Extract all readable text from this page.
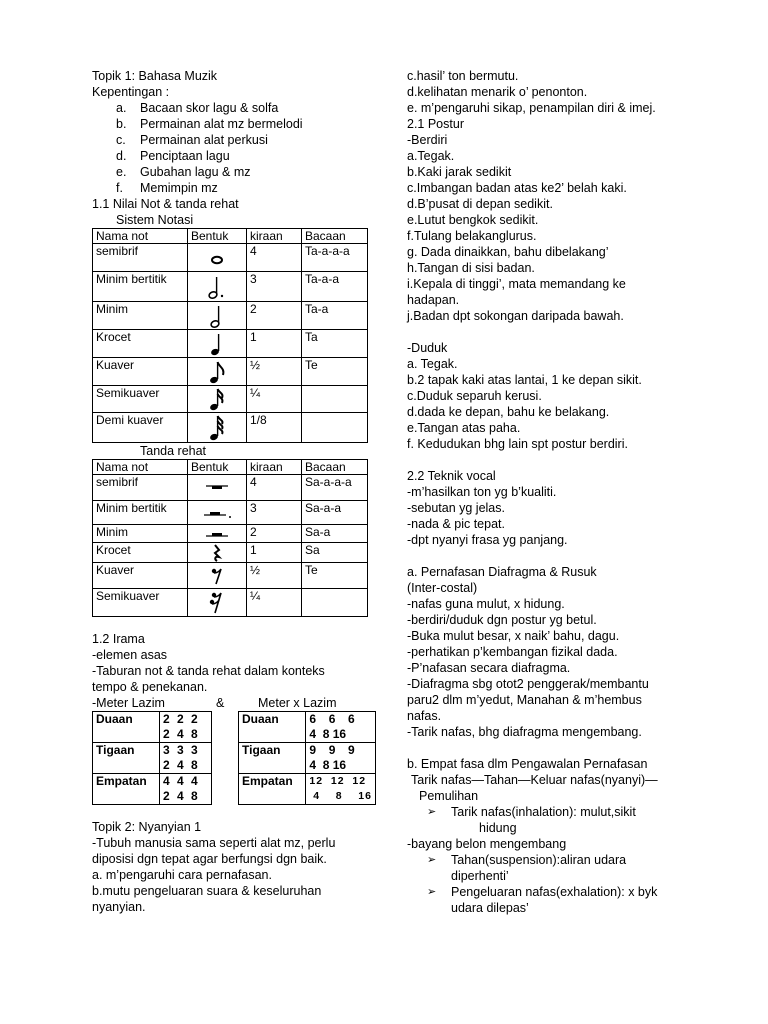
Topik 1: Bahasa Muzik
Kepentingan :
a.	Bacaan skor lagu & solfa
b.	Permainan alat mz bermelodi
c.	Permainan alat perkusi
d.	Penciptaan lagu
e.	Gubahan lagu & mz
f.	Memimpin mz
1.1 Nilai Not & tanda rehat
Sistem Notasi
Nama not	Bentuk	kiraan	Bacaan
semibrif		4	Ta-a-a-a
Minim bertitik		3	Ta-a-a
Minim		2	Ta-a
Krocet		1	Ta
Kuaver		½	Te
Semikuaver		¼	
Demi kuaver		1/8	
Tanda rehat
Nama not	Bentuk	kiraan	Bacaan
semibrif		4	Sa-a-a-a
Minim bertitik		3	Sa-a-a
Minim		2	Sa-a
Krocet		1	Sa
Kuaver		½	Te
Semikuaver		¼	
1.2 Irama
-elemen asas
-Taburan not & tanda rehat dalam konteks
tempo & penekanan.
-Meter Lazim	&	Meter x Lazim
Duaan	2 2 2
	2 4 8
Tigaan	3 3 3
	2 4 8
Empatan	4 4 4
	2 4 8
Duaan	6  6  6
	4  8 16
Tigaan	9  9  9
	4  8 16
Empatan	12  12  12
	4    8    16
Topik 2: Nyanyian 1
-Tubuh manusia sama seperti alat mz, perlu
diposisi dgn tepat agar berfungsi dgn baik.
a. m’pengaruhi cara pernafasan.
b.mutu pengeluaran suara & keseluruhan
nyanyian.
c.hasil’ ton bermutu.
d.kelihatan menarik o’ penonton.
e. m’pengaruhi sikap, penampilan diri & imej.
2.1 Postur
-Berdiri
a.Tegak.
b.Kaki jarak sedikit
c.Imbangan badan atas ke2’ belah kaki.
d.B’pusat di depan sedikit.
e.Lutut bengkok sedikit.
f.Tulang belakanglurus.
g. Dada dinaikkan, bahu dibelakang’
h.Tangan di sisi badan.
i.Kepala di tinggi’, mata memandang ke
hadapan.
j.Badan dpt sokongan daripada bawah.
-Duduk
a. Tegak.
b.2 tapak kaki atas lantai, 1 ke depan sikit.
c.Duduk separuh kerusi.
d.dada ke depan, bahu ke belakang.
e.Tangan atas paha.
f. Kedudukan bhg lain spt postur berdiri.
2.2 Teknik vocal
-m’hasilkan ton yg b’kualiti.
-sebutan yg jelas.
-nada & pic tepat.
-dpt nyanyi frasa yg panjang.
a. Pernafasan Diafragma & Rusuk
(Inter-costal)
-nafas guna mulut, x hidung.
-berdiri/duduk dgn postur yg betul.
-Buka mulut besar, x naik’ bahu, dagu.
-perhatikan p’kembangan fizikal dada.
-P’nafasan secara diafragma.
-Diafragma sbg otot2 penggerak/membantu
paru2 dlm m’yedut, Manahan & m’hembus
nafas.
-Tarik nafas, bhg diafragma mengembang.
b. Empat fasa dlm Pengawalan Pernafasan
Tarik nafas—Tahan—Keluar nafas(nyanyi)—
Pemulihan
➢	Tarik nafas(inhalation): mulut,sikit
hidung
-bayang belon mengembang
➢	Tahan(suspension):aliran udara
diperhenti’
➢	Pengeluaran nafas(exhalation): x byk
udara dilepas’
